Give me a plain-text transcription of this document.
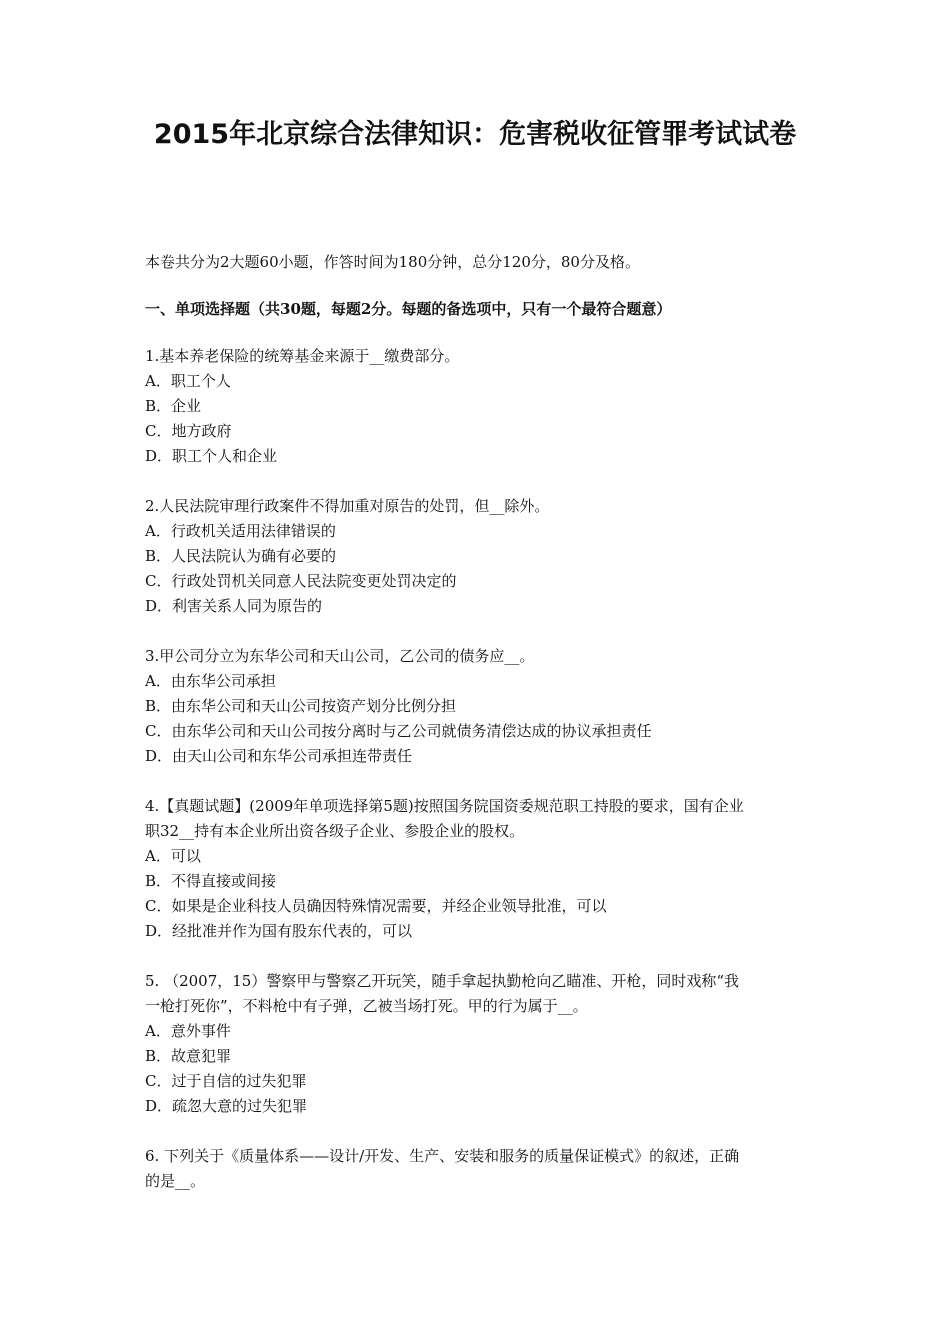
2015年北京综合法律知识：危害税收征管罪考试试卷
本卷共分为2大题60小题，作答时间为180分钟，总分120分，80分及格。
一、单项选择题（共30题，每题2分。每题的备选项中，只有一个最符合题意）
1.基本养老保险的统筹基金来源于__缴费部分。
A．职工个人
B．企业
C．地方政府
D．职工个人和企业
2.人民法院审理行政案件不得加重对原告的处罚，但__除外。
A．行政机关适用法律错误的
B．人民法院认为确有必要的
C．行政处罚机关同意人民法院变更处罚决定的
D．利害关系人同为原告的
3.甲公司分立为东华公司和天山公司，乙公司的债务应__。
A．由东华公司承担
B．由东华公司和天山公司按资产划分比例分担
C．由东华公司和天山公司按分离时与乙公司就债务清偿达成的协议承担责任
D．由天山公司和东华公司承担连带责任
4.【真题试题】(2009年单项选择第5题)按照国务院国资委规范职工持股的要求，国有企业
职32__持有本企业所出资各级子企业、参股企业的股权。
A．可以
B．不得直接或间接
C．如果是企业科技人员确因特殊情况需要，并经企业领导批准，可以
D．经批准并作为国有股东代表的，可以
5. （2007，15）警察甲与警察乙开玩笑，随手拿起执勤枪向乙瞄准、开枪，同时戏称“我
一枪打死你”，不料枪中有子弹，乙被当场打死。甲的行为属于__。
A．意外事件
B．故意犯罪
C．过于自信的过失犯罪
D．疏忽大意的过失犯罪
6. 下列关于《质量体系——设计/开发、生产、安装和服务的质量保证模式》的叙述，正确
的是__。
